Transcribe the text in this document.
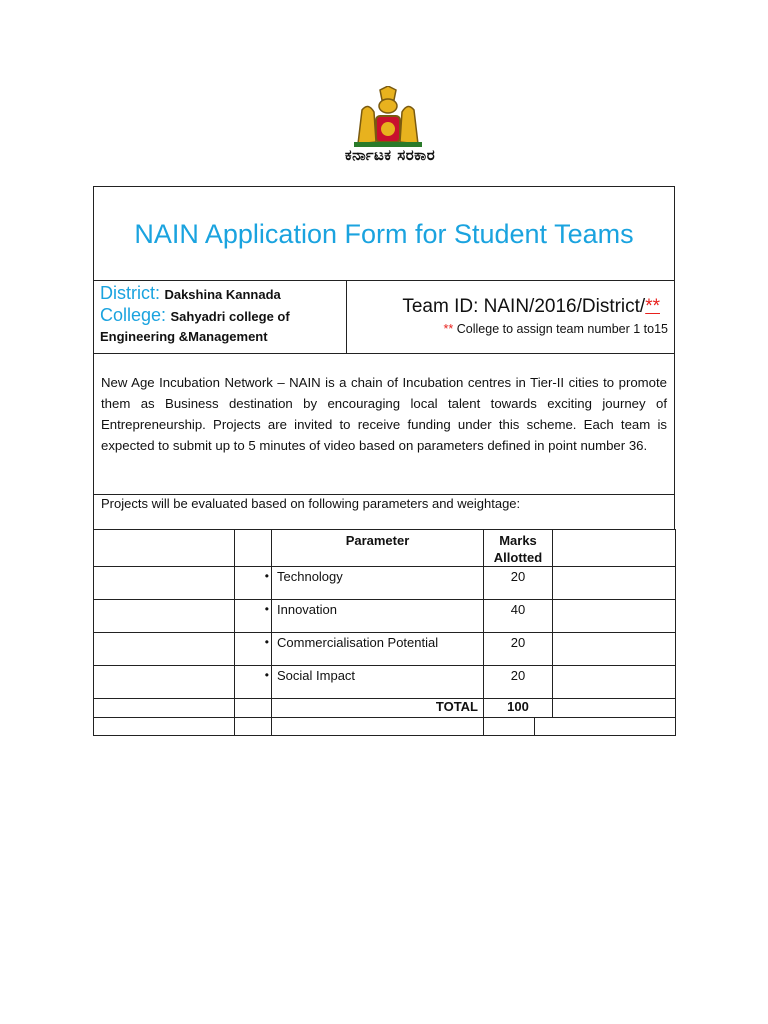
ಕರ್ನಾಟಕ ಸರಕಾರ
NAIN Application Form for Student Teams
District: Dakshina Kannada
College: Sahyadri college of Engineering &Management
Team ID: NAIN/2016/District/**
** College to assign team number 1 to15

New Age Incubation Network – NAIN is a chain of Incubation centres in Tier-II cities to promote them as Business destination by encouraging local talent towards exciting journey of Entrepreneurship. Projects are invited to receive funding under this scheme. Each team is expected to submit up to 5 minutes of video based on parameters defined in point number 36.

Projects will be evaluated based on following parameters and weightage:
		Parameter	Marks Allotted	
	•	Technology	20	
	•	Innovation	40	
	•	Commercialisation Potential	20	
	•	Social Impact	20	
		TOTAL	100	
